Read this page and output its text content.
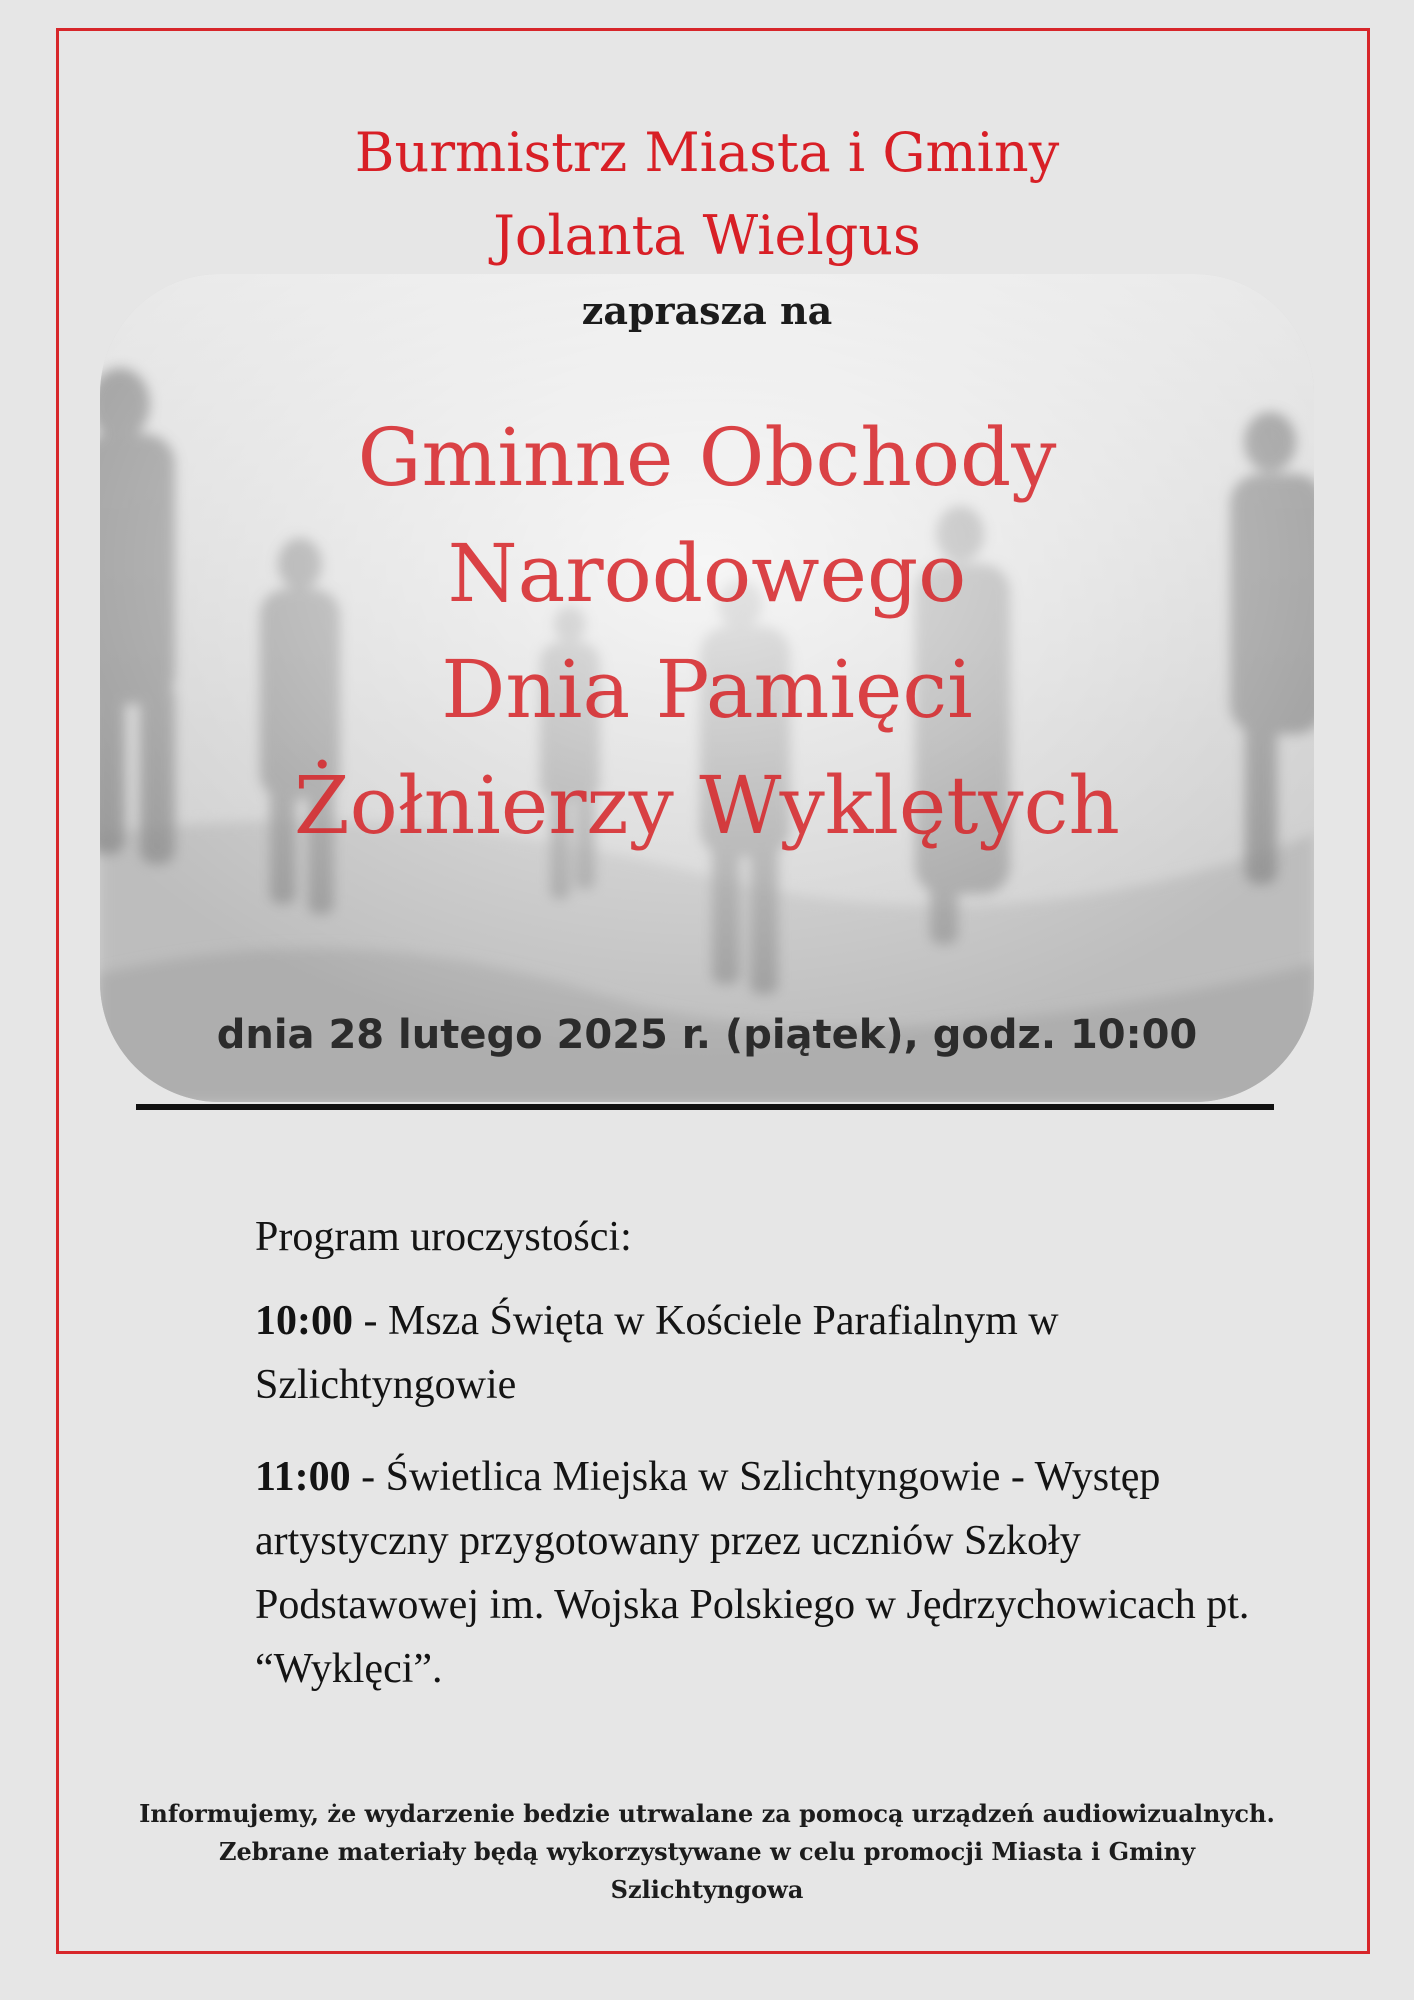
Burmistrz Miasta i Gminy
Jolanta Wielgus
zaprasza na
Gminne Obchody
Narodowego
Dnia Pamięci
Żołnierzy Wyklętych
dnia 28 lutego 2025 r. (piątek), godz. 10:00
Program uroczystości:
10:00 - Msza Święta w Kościele Parafialnym w Szlichtyngowie
11:00 - Świetlica Miejska w Szlichtyngowie - Występ artystyczny przygotowany przez uczniów Szkoły Podstawowej im. Wojska Polskiego w Jędrzychowicach pt. “Wyklęci”.
Informujemy, że wydarzenie bedzie utrwalane za pomocą urządzeń audiowizualnych.
Zebrane materiały będą wykorzystywane w celu promocji Miasta i Gminy
Szlichtyngowa
